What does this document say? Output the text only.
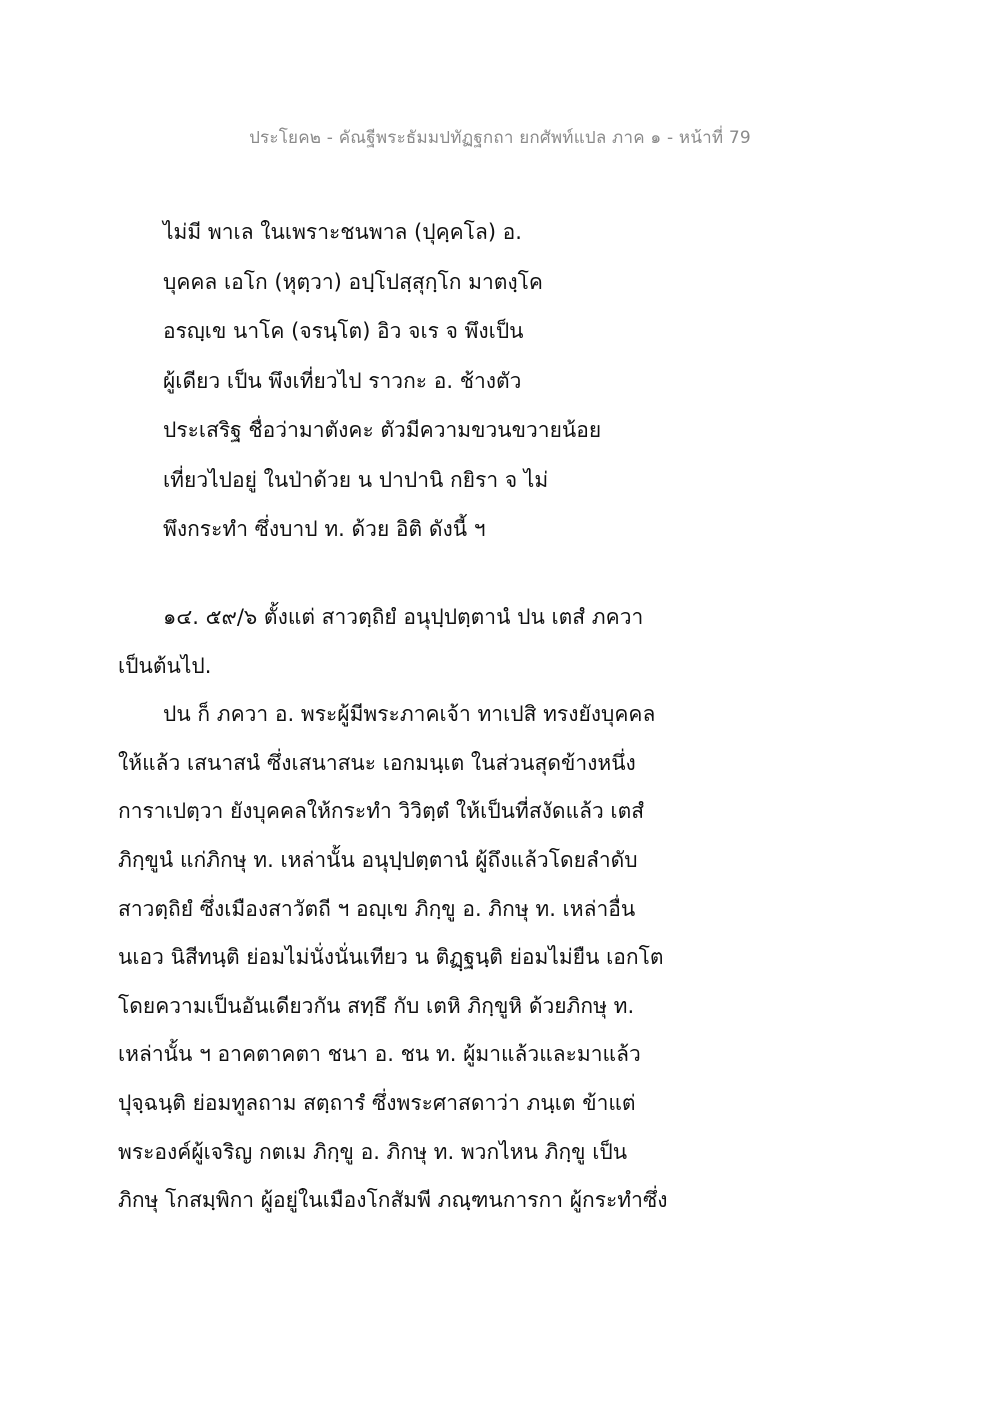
ประโยค๒ - คัณฐีพระธัมมปทัฏฐกถา ยกศัพท์แปล ภาค ๑ - หน้าที่ 79
ไม่มี พาเล ในเพราะชนพาล (ปุคฺคโล) อ.
บุคคล เอโก (หุตฺวา) อปฺโปสฺสุกฺโก มาตงฺโค
อรญฺเข นาโค (จรนฺโต) อิว จเร จ พึงเป็น
ผู้เดียว เป็น พึงเที่ยวไป ราวกะ อ. ช้างตัว
ประเสริฐ ชื่อว่ามาตังคะ ตัวมีความขวนขวายน้อย
เที่ยวไปอยู่ ในป่าด้วย น ปาปานิ กยิรา จ ไม่
พึงกระทำ ซึ่งบาป ท. ด้วย อิติ ดังนี้ ฯ
๑๔. ๕๙/๖ ตั้งแต่ สาวตฺถิยํ อนุปฺปตฺตานํ ปน เตสํ ภควา
เป็นต้นไป.
ปน ก็ ภควา อ. พระผู้มีพระภาคเจ้า ทาเปสิ ทรงยังบุคคล
ให้แล้ว เสนาสนํ ซึ่งเสนาสนะ เอกมนฺเต ในส่วนสุดข้างหนึ่ง
การาเปตฺวา ยังบุคคลให้กระทำ วิวิตฺตํ ให้เป็นที่สงัดแล้ว เตสํ
ภิกฺขูนํ แก่ภิกษุ ท. เหล่านั้น อนุปฺปตฺตานํ ผู้ถึงแล้วโดยลำดับ
สาวตฺถิยํ ซึ่งเมืองสาวัตถี ฯ อญฺเข ภิกฺขู อ. ภิกษุ ท. เหล่าอื่น
นเอว นิสีทนฺติ ย่อมไม่นั่งนั่นเทียว น ติฏฺฐนฺติ ย่อมไม่ยืน เอกโต
โดยความเป็นอันเดียวกัน สทฺธึ กับ เตหิ ภิกฺขูหิ ด้วยภิกษุ ท.
เหล่านั้น ฯ อาคตาคตา ชนา อ. ชน ท. ผู้มาแล้วและมาแล้ว
ปุจฺฉนฺติ ย่อมทูลถาม สตฺถารํ ซึ่งพระศาสดาว่า ภนฺเต ข้าแต่
พระองค์ผู้เจริญ กตเม ภิกฺขู อ. ภิกษุ ท. พวกไหน ภิกฺขู เป็น
ภิกษุ โกสมฺพิกา ผู้อยู่ในเมืองโกสัมพี ภณฺฑนการกา ผู้กระทำซึ่ง
